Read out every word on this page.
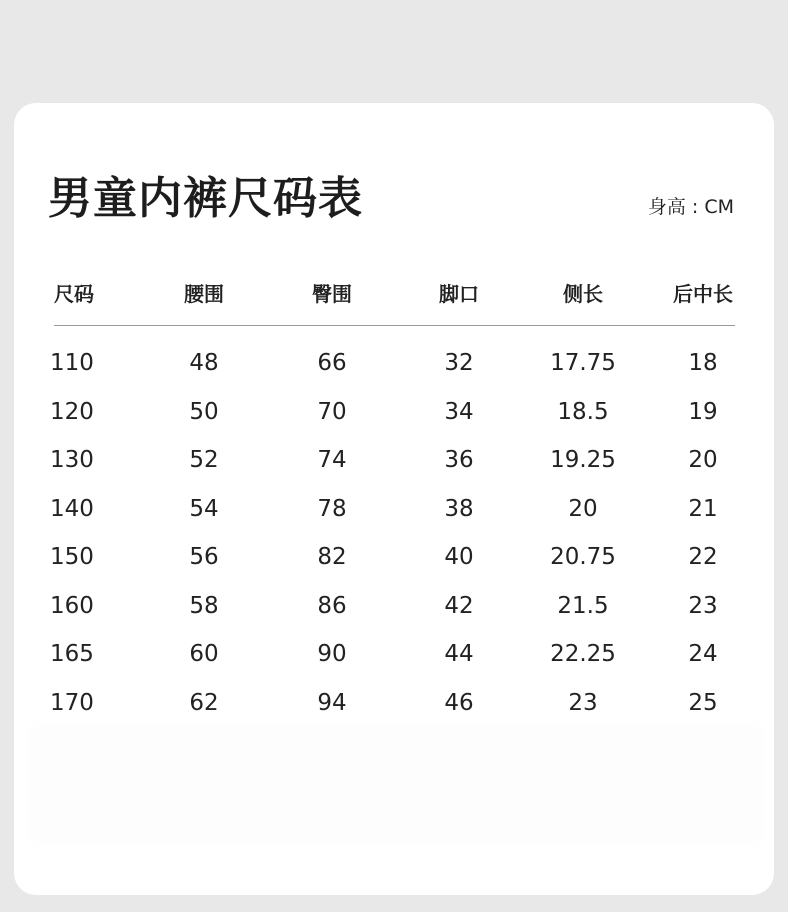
男童内裤尺码表	身高 : CM
尺码	腰围	臀围	脚口	侧长	后中长
110	48	66	32	17.75	18
120	50	70	34	18.5	19
130	52	74	36	19.25	20
140	54	78	38	20	21
150	56	82	40	20.75	22
160	58	86	42	21.5	23
165	60	90	44	22.25	24
170	62	94	46	23	25
